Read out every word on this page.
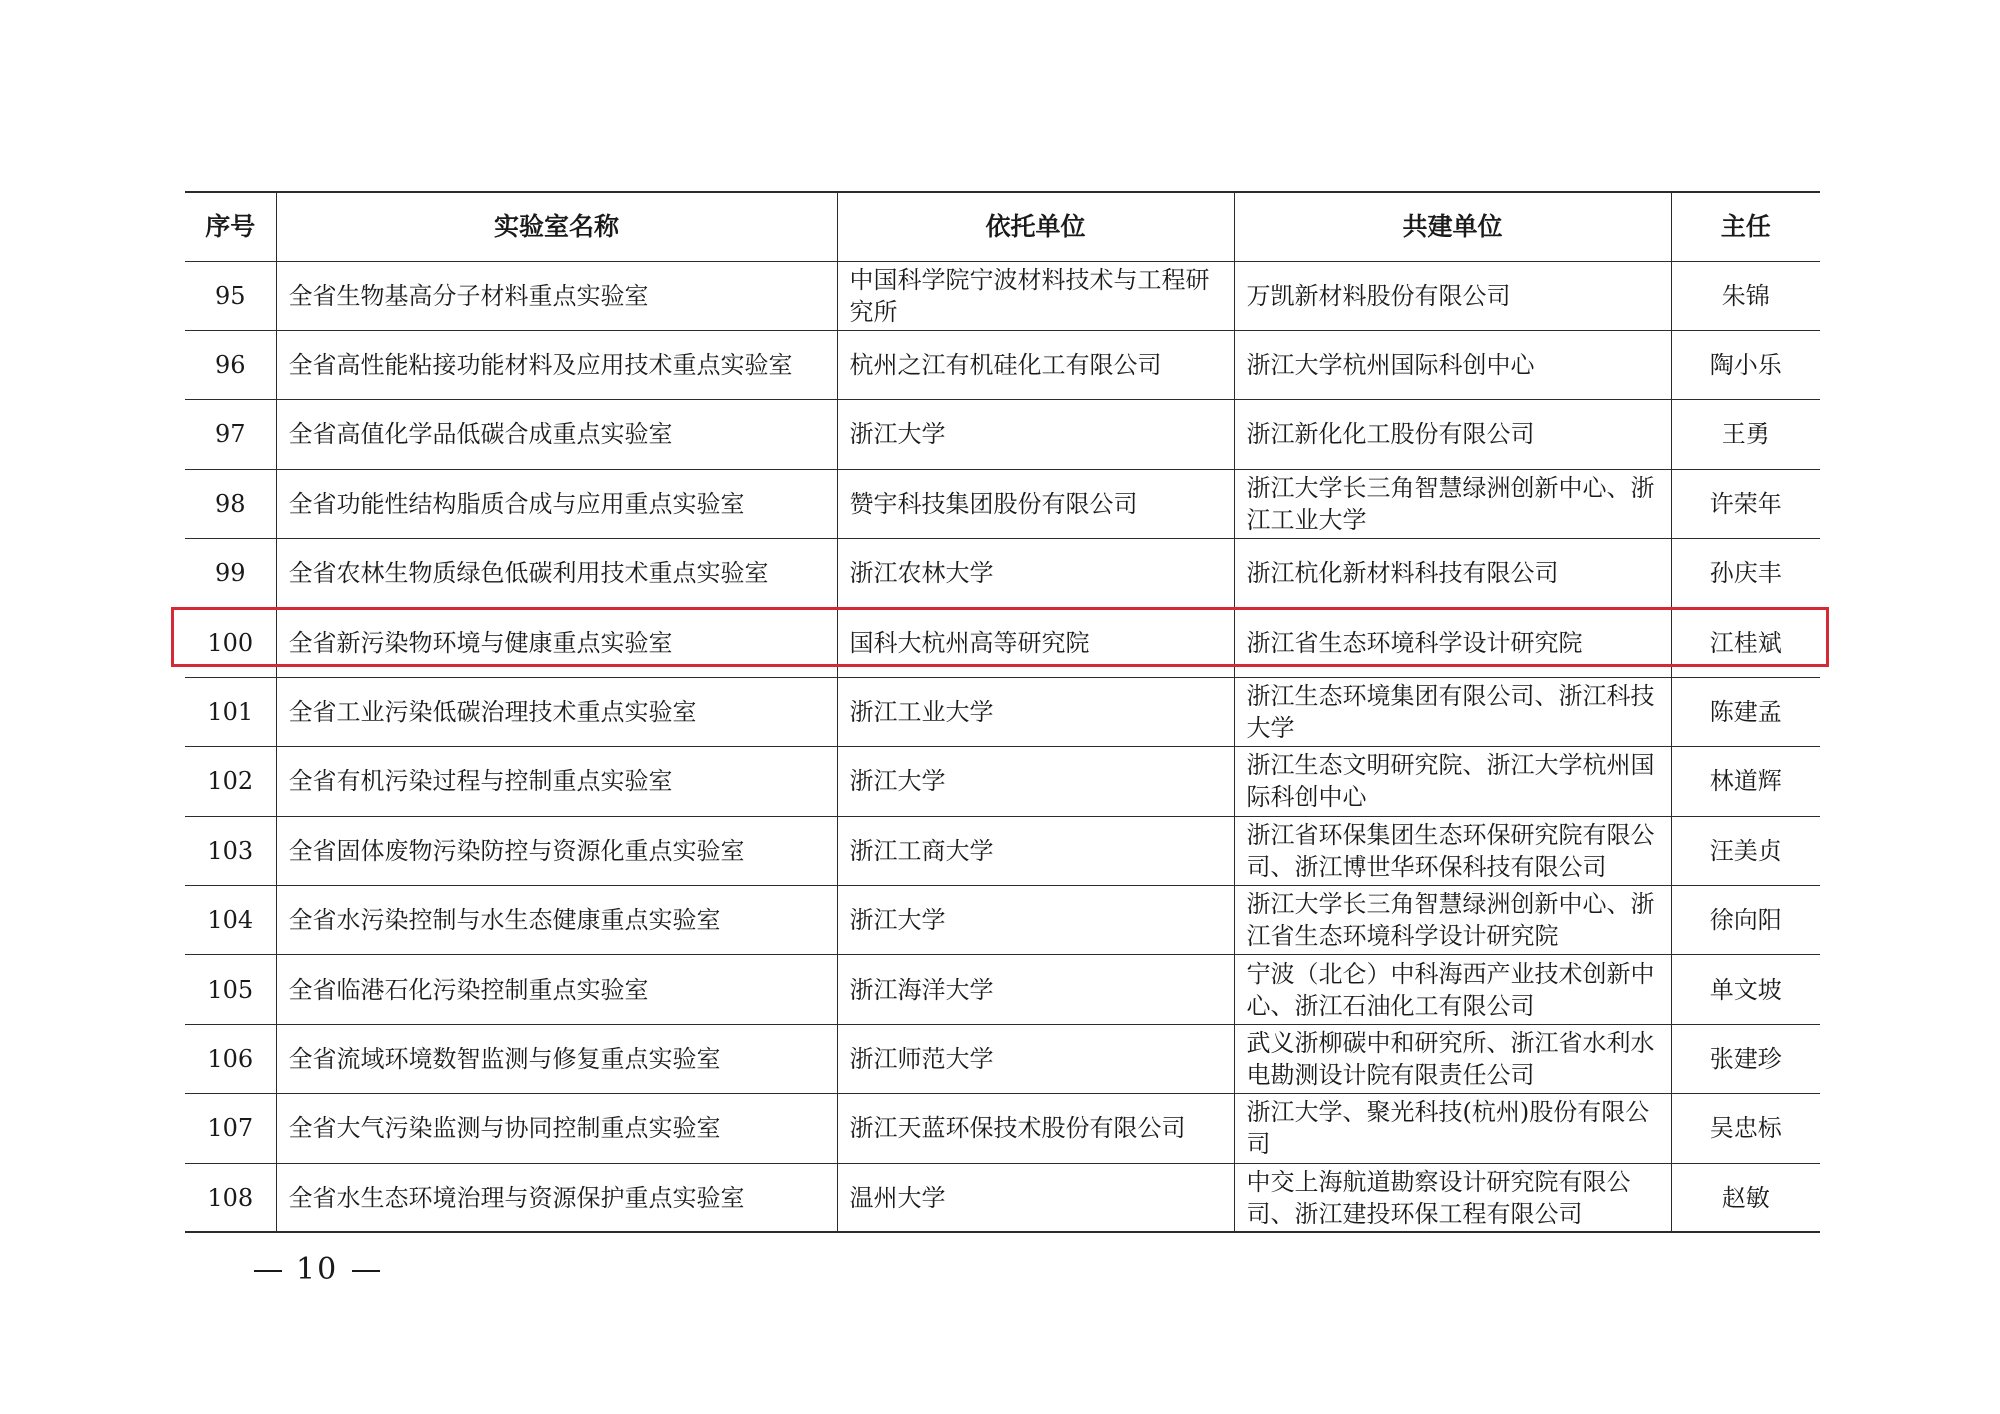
序号	实验室名称	依托单位	共建单位	主任
95	全省生物基高分子材料重点实验室	中国科学院宁波材料技术与工程研究所	万凯新材料股份有限公司	朱锦
96	全省高性能粘接功能材料及应用技术重点实验室	杭州之江有机硅化工有限公司	浙江大学杭州国际科创中心	陶小乐
97	全省高值化学品低碳合成重点实验室	浙江大学	浙江新化化工股份有限公司	王勇
98	全省功能性结构脂质合成与应用重点实验室	赞宇科技集团股份有限公司	浙江大学长三角智慧绿洲创新中心、浙江工业大学	许荣年
99	全省农林生物质绿色低碳利用技术重点实验室	浙江农林大学	浙江杭化新材料科技有限公司	孙庆丰
100	全省新污染物环境与健康重点实验室	国科大杭州高等研究院	浙江省生态环境科学设计研究院	江桂斌
101	全省工业污染低碳治理技术重点实验室	浙江工业大学	浙江生态环境集团有限公司、浙江科技大学	陈建孟
102	全省有机污染过程与控制重点实验室	浙江大学	浙江生态文明研究院、浙江大学杭州国际科创中心	林道辉
103	全省固体废物污染防控与资源化重点实验室	浙江工商大学	浙江省环保集团生态环保研究院有限公司、浙江博世华环保科技有限公司	汪美贞
104	全省水污染控制与水生态健康重点实验室	浙江大学	浙江大学长三角智慧绿洲创新中心、浙江省生态环境科学设计研究院	徐向阳
105	全省临港石化污染控制重点实验室	浙江海洋大学	宁波（北仑）中科海西产业技术创新中心、浙江石油化工有限公司	单文坡
106	全省流域环境数智监测与修复重点实验室	浙江师范大学	武义浙柳碳中和研究所、浙江省水利水电勘测设计院有限责任公司	张建珍
107	全省大气污染监测与协同控制重点实验室	浙江天蓝环保技术股份有限公司	浙江大学、聚光科技(杭州)股份有限公司	吴忠标
108	全省水生态环境治理与资源保护重点实验室	温州大学	中交上海航道勘察设计研究院有限公司、浙江建投环保工程有限公司	赵敏
10
